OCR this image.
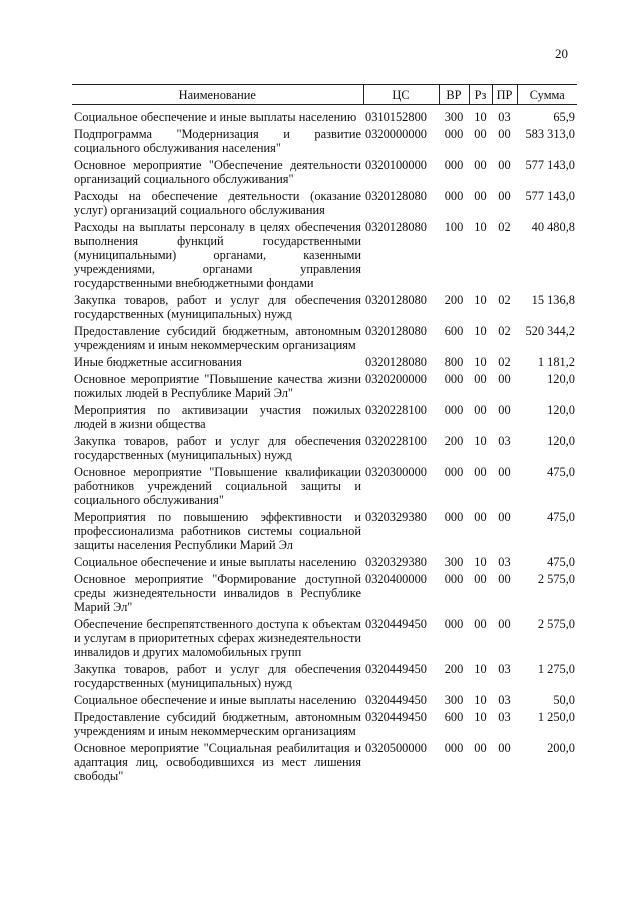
20
Наименование	ЦС	ВР	Рз	ПР	Сумма

Социальное обеспечение и иные выплаты населению	0310152800	300	10	03	65,9
Подпрограмма "Модернизация и развитие социального обслуживания населения"	0320000000	000	00	00	583 313,0
Основное мероприятие "Обеспечение деятельности организаций социального обслуживания"	0320100000	000	00	00	577 143,0
Расходы на обеспечение деятельности (оказание услуг) организаций социального обслуживания	0320128080	000	00	00	577 143,0
Расходы на выплаты персоналу в целях обеспечения выполнения функций государственными (муниципальными) органами, казенными учреждениями, органами управления государственными внебюджетными фондами	0320128080	100	10	02	40 480,8
Закупка товаров, работ и услуг для обеспечения государственных (муниципальных) нужд	0320128080	200	10	02	15 136,8
Предоставление субсидий бюджетным, автономным учреждениям и иным некоммерческим организациям	0320128080	600	10	02	520 344,2
Иные бюджетные ассигнования	0320128080	800	10	02	1 181,2
Основное мероприятие "Повышение качества жизни пожилых людей в Республике Марий Эл"	0320200000	000	00	00	120,0
Мероприятия по активизации участия пожилых людей в жизни общества	0320228100	000	00	00	120,0
Закупка товаров, работ и услуг для обеспечения государственных (муниципальных) нужд	0320228100	200	10	03	120,0
Основное мероприятие "Повышение квалификации работников учреждений социальной защиты и социального обслуживания"	0320300000	000	00	00	475,0
Мероприятия по повышению эффективности и профессионализма работников системы социальной защиты населения Республики Марий Эл	0320329380	000	00	00	475,0
Социальное обеспечение и иные выплаты населению	0320329380	300	10	03	475,0
Основное мероприятие "Формирование доступной среды жизнедеятельности инвалидов в Республике Марий Эл"	0320400000	000	00	00	2 575,0
Обеспечение беспрепятственного доступа к объектам и услугам в приоритетных сферах жизнедеятельности инвалидов и других маломобильных групп	0320449450	000	00	00	2 575,0
Закупка товаров, работ и услуг для обеспечения государственных (муниципальных) нужд	0320449450	200	10	03	1 275,0
Социальное обеспечение и иные выплаты населению	0320449450	300	10	03	50,0
Предоставление субсидий бюджетным, автономным учреждениям и иным некоммерческим организациям	0320449450	600	10	03	1 250,0
Основное мероприятие "Социальная реабилитация и адаптация лиц, освободившихся из мест лишения свободы"	0320500000	000	00	00	200,0
